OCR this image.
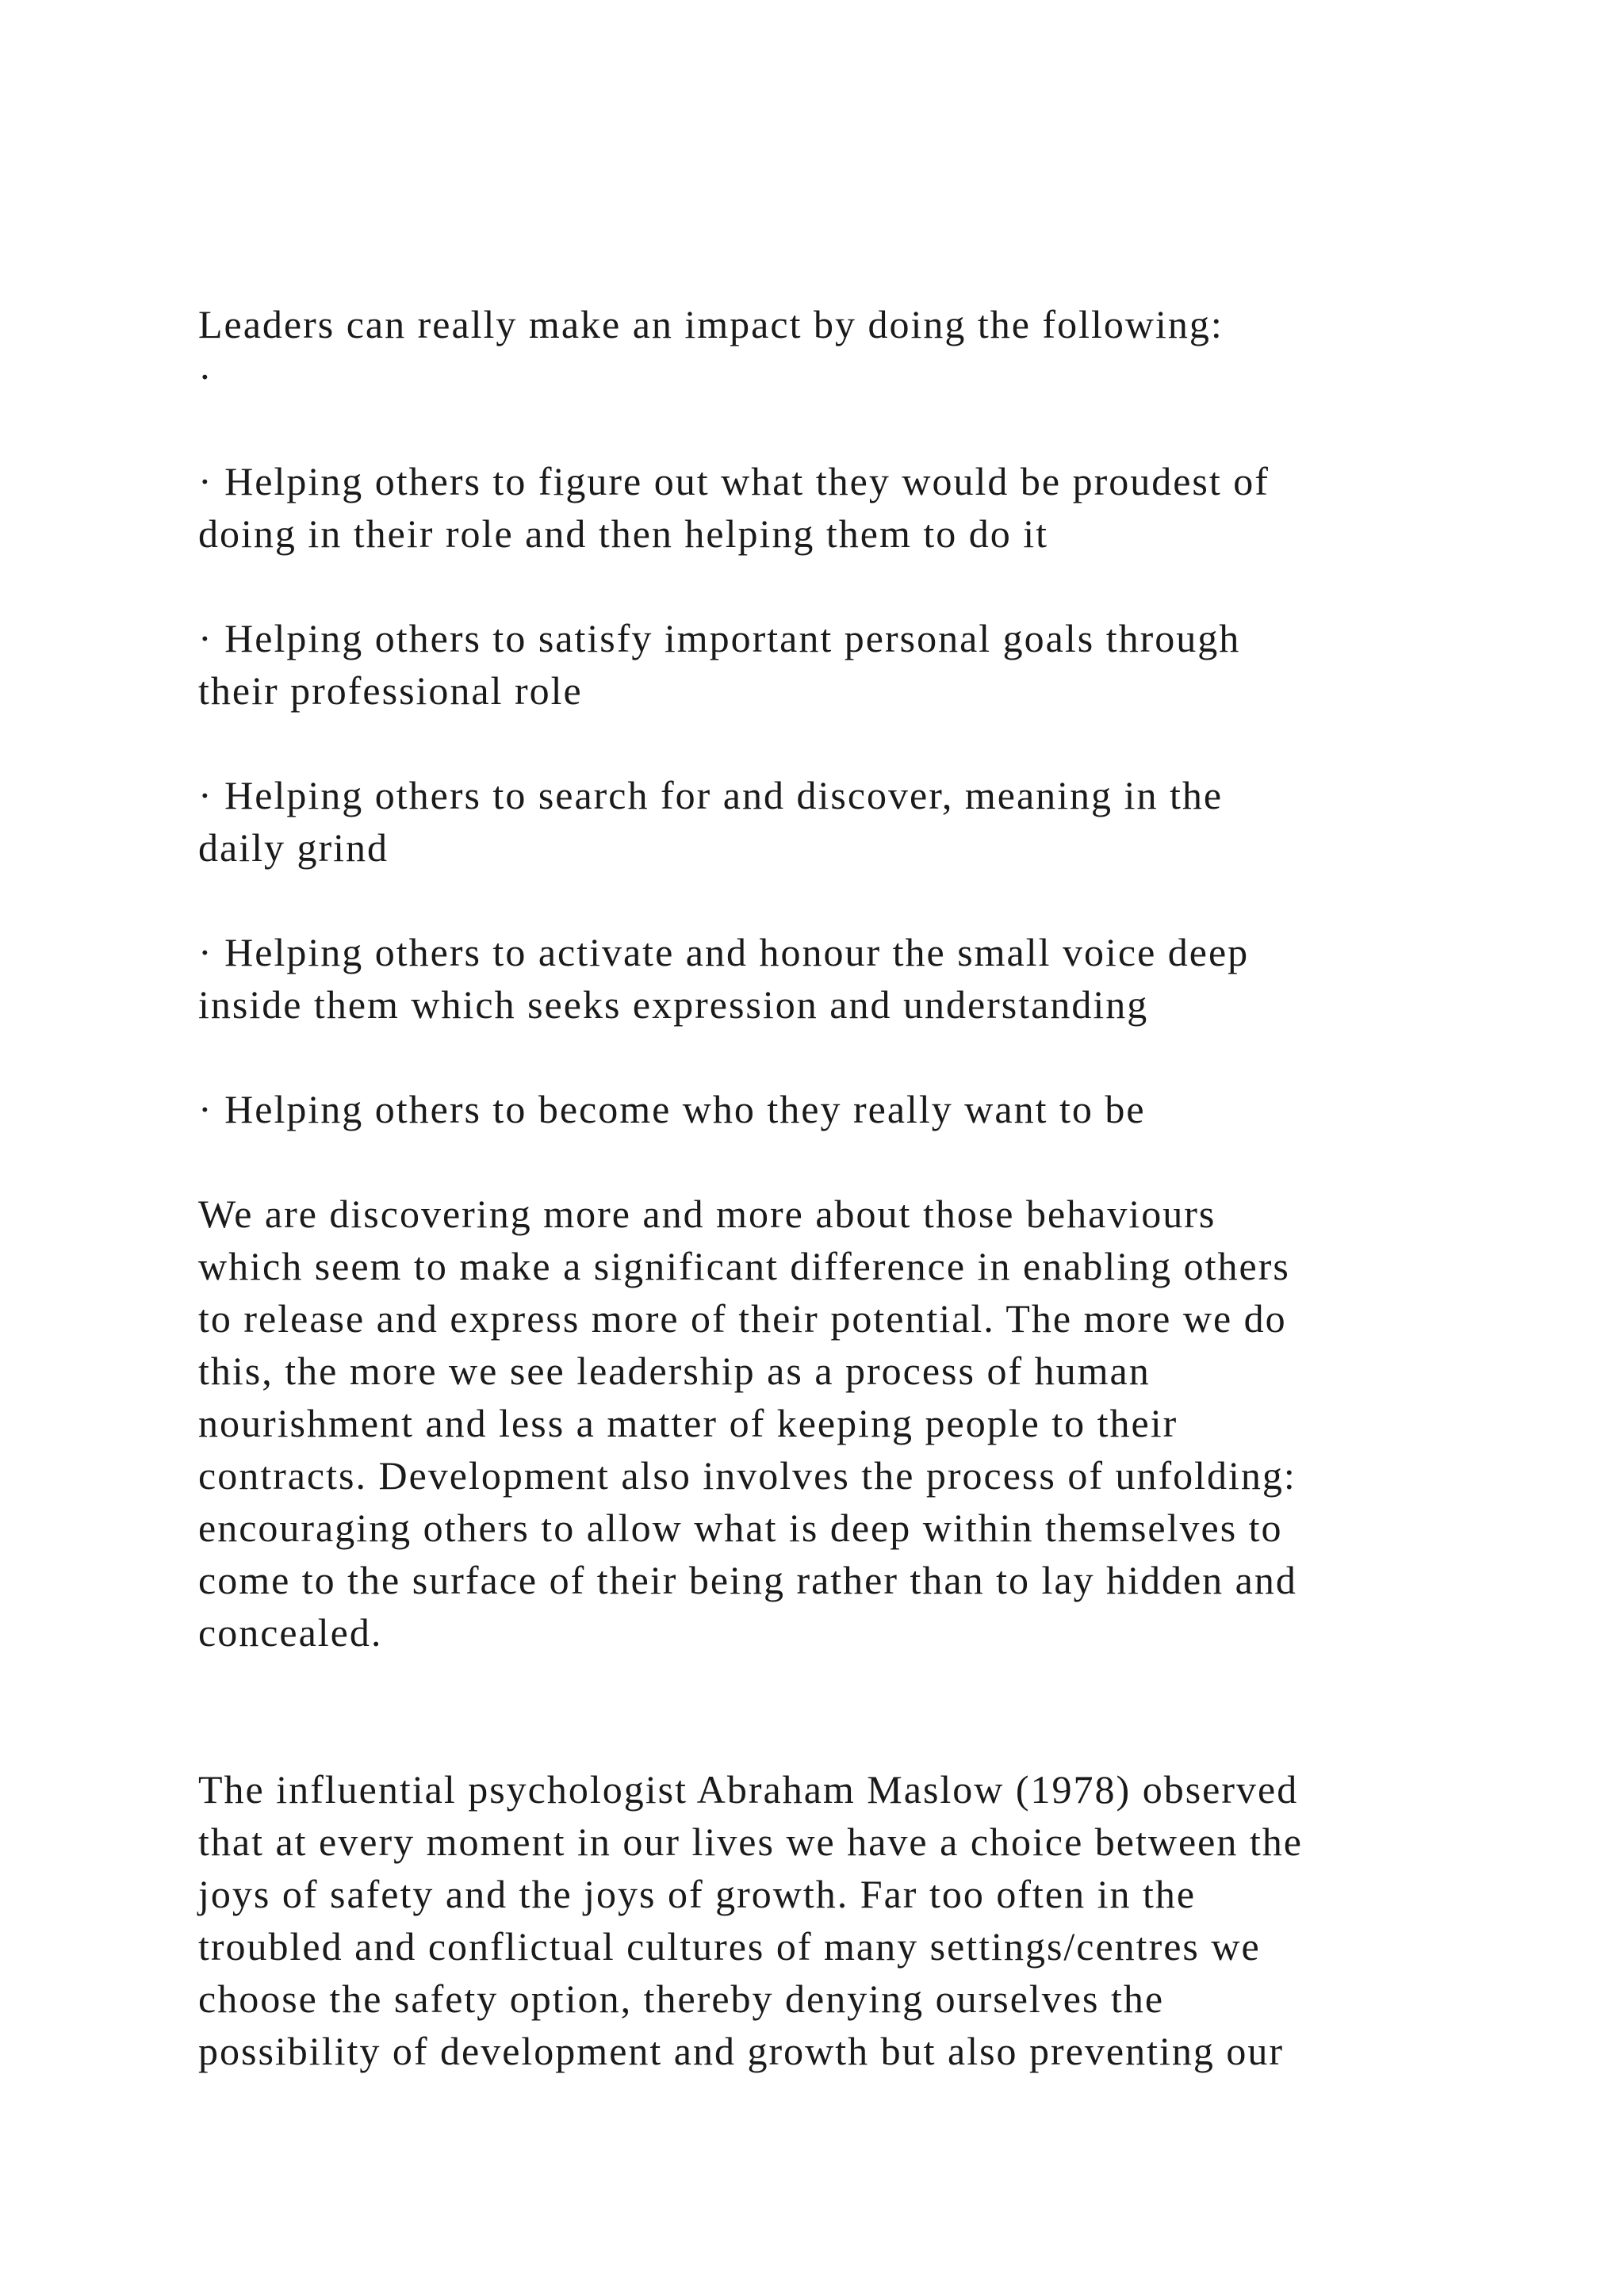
Leaders can really make an impact by doing the following:
·
· Helping others to figure out what they would be proudest of
doing in their role and then helping them to do it
· Helping others to satisfy important personal goals through
their professional role
· Helping others to search for and discover, meaning in the
daily grind
· Helping others to activate and honour the small voice deep
inside them which seeks expression and understanding
· Helping others to become who they really want to be
We are discovering more and more about those behaviours
which seem to make a significant difference in enabling others
to release and express more of their potential. The more we do
this, the more we see leadership as a process of human
nourishment and less a matter of keeping people to their
contracts. Development also involves the process of unfolding:
encouraging others to allow what is deep within themselves to
come to the surface of their being rather than to lay hidden and
concealed.
The influential psychologist Abraham Maslow (1978) observed
that at every moment in our lives we have a choice between the
joys of safety and the joys of growth. Far too often in the
troubled and conflictual cultures of many settings/centres we
choose the safety option, thereby denying ourselves the
possibility of development and growth but also preventing our
